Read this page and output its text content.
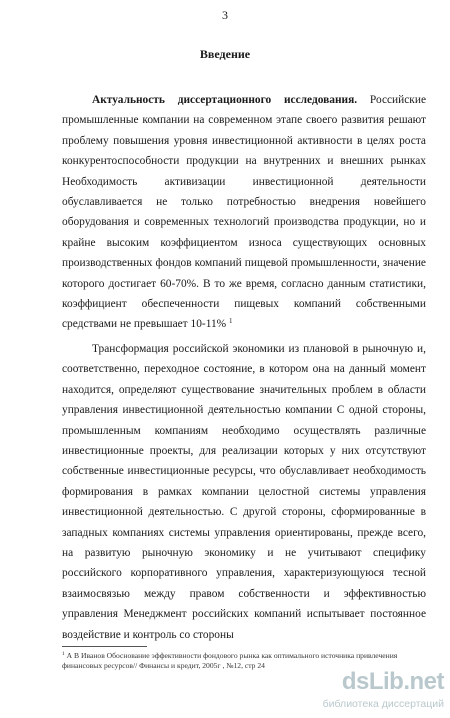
3
Введение

Актуальность диссертационного исследования. Российские промышленные компании на современном этапе своего развития решают проблему повышения уровня инвестиционной активности в целях роста конкурентоспособности продукции на внутренних и внешних рынках Необходимость активизации инвестиционной деятельности обуславливается не только потребностью внедрения новейшего оборудования и современных технологий производства продукции, но и крайне высоким коэффициентом износа существующих основных производственных фондов компаний пищевой промышленности, значение которого достигает 60-70%. В то же время, согласно данным статистики, коэффициент обеспеченности пищевых компаний собственными средствами не превышает 10-11% $^1$

Трансформация российской экономики из плановой в рыночную и, соответственно, переходное состояние, в котором она на данный момент находится, определяют существование значительных проблем в области управления инвестиционной деятельностью компании С одной стороны, промышленным компаниям необходимо осуществлять различные инвестиционные проекты, для реализации которых у них отсутствуют собственные инвестиционные ресурсы, что обуславливает необходимость формирования в рамках компании целостной системы управления инвестиционной деятельностью. С другой стороны, сформированные в западных компаниях системы управления ориентированы, прежде всего, на развитую рыночную экономику и не учитывают специфику российского корпоративного управления, характеризующуюся тесной взаимосвязью между правом собственности и эффективностью управления Менеджмент российских компаний испытывает постоянное воздействие и контроль со стороны

$^1$ А В Иванов Обоснование эффективности фондового рынка как оптимального источника привлечения финансовых ресурсов// Финансы и кредит, 2005г , №12, стр 24
dsLib.net
библиотека диссертаций
